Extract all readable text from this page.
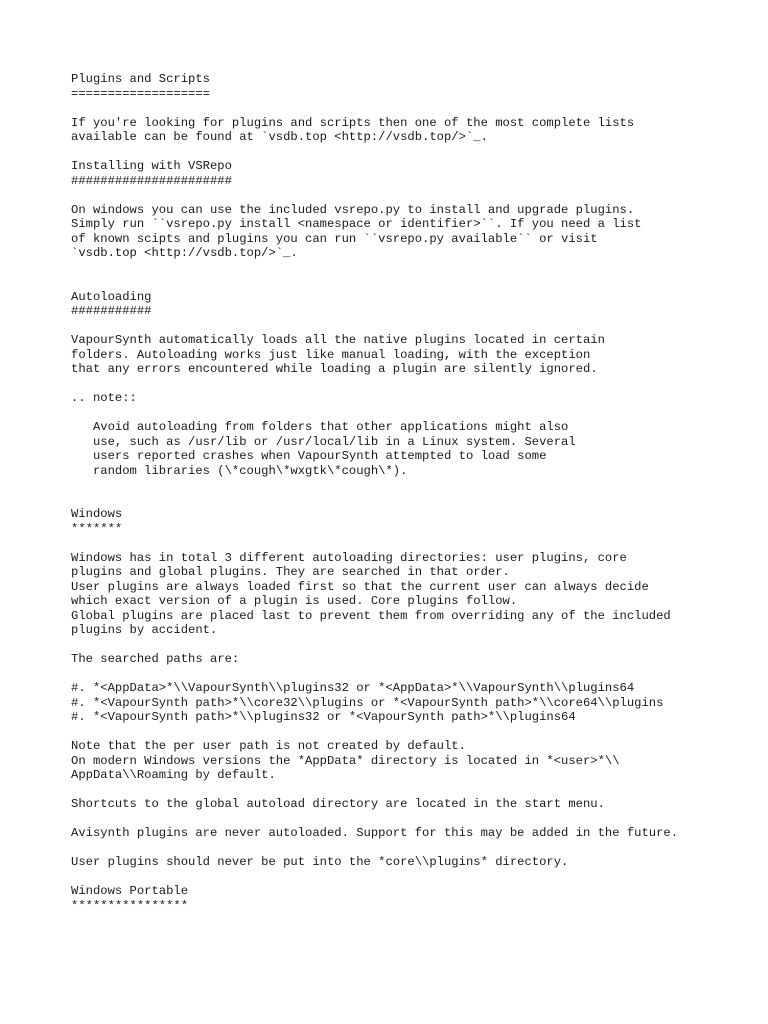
Plugins and Scripts
===================

If you're looking for plugins and scripts then one of the most complete lists
available can be found at `vsdb.top <http://vsdb.top/>`_.

Installing with VSRepo
######################

On windows you can use the included vsrepo.py to install and upgrade plugins.
Simply run ``vsrepo.py install <namespace or identifier>``. If you need a list
of known scipts and plugins you can run ``vsrepo.py available`` or visit
`vsdb.top <http://vsdb.top/>`_.

Autoloading
###########

VapourSynth automatically loads all the native plugins located in certain
folders. Autoloading works just like manual loading, with the exception
that any errors encountered while loading a plugin are silently ignored.

.. note::

Avoid autoloading from folders that other applications might also
use, such as /usr/lib or /usr/local/lib in a Linux system. Several
users reported crashes when VapourSynth attempted to load some
random libraries (\*cough\*wxgtk\*cough\*).

Windows
*******

Windows has in total 3 different autoloading directories: user plugins, core
plugins and global plugins. They are searched in that order.
User plugins are always loaded first so that the current user can always decide
which exact version of a plugin is used. Core plugins follow.
Global plugins are placed last to prevent them from overriding any of the included
plugins by accident.

The searched paths are:

#. *<AppData>*\\VapourSynth\\plugins32 or *<AppData>*\\VapourSynth\\plugins64
#. *<VapourSynth path>*\\core32\\plugins or *<VapourSynth path>*\\core64\\plugins
#. *<VapourSynth path>*\\plugins32 or *<VapourSynth path>*\\plugins64

Note that the per user path is not created by default.
On modern Windows versions the *AppData* directory is located in *<user>*\\
AppData\\Roaming by default.

Shortcuts to the global autoload directory are located in the start menu.

Avisynth plugins are never autoloaded. Support for this may be added in the future.

User plugins should never be put into the *core\\plugins* directory.

Windows Portable
****************
